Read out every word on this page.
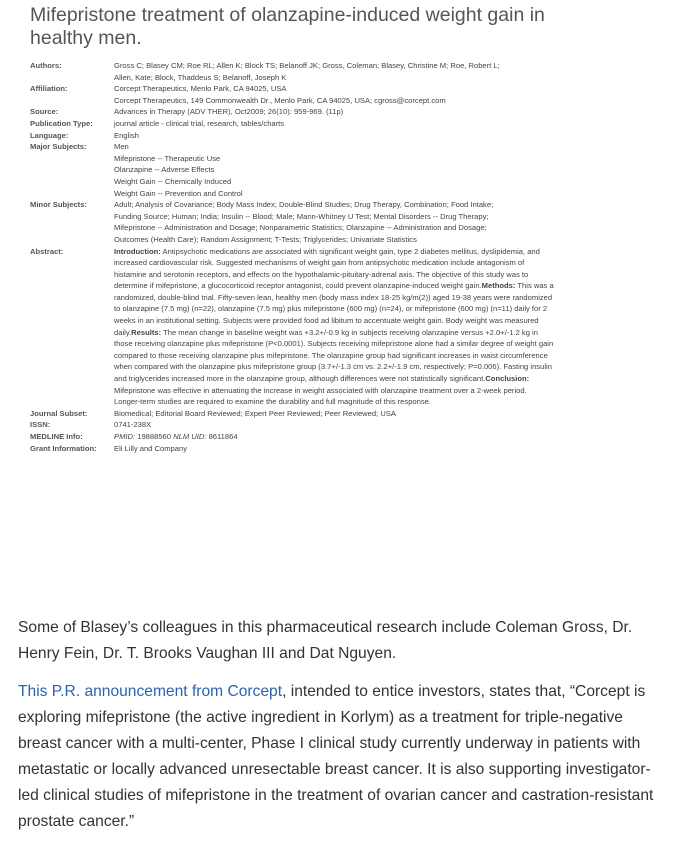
Mifepristone treatment of olanzapine-induced weight gain in healthy men.
Authors:	Gross C; Blasey CM; Roe RL; Allen K; Block TS; Belanoff JK; Gross, Coleman; Blasey, Christine M; Roe, Robert L;
Allen, Kate; Block, Thaddeus S; Belanoff, Joseph K

Affiliation:	Corcept Therapeutics, Menlo Park, CA 94025, USA
Corcept Therapeutics, 149 Commonwealth Dr., Menlo Park, CA 94025, USA; cgross@corcept.com

Source:	Advances in Therapy (ADV THER), Oct2009; 26(10): 959-969. (11p)
Publication Type:	journal article - clinical trial, research, tables/charts
Language:	English
Major Subjects:	Men
Mifepristone -- Therapeutic Use
Olanzapine -- Adverse Effects
Weight Gain -- Chemically Induced
Weight Gain -- Prevention and Control

Minor Subjects:	Adult; Analysis of Covariance; Body Mass Index; Double-Blind Studies; Drug Therapy, Combination; Food Intake;
Funding Source; Human; India; Insulin -- Blood; Male; Mann-Whitney U Test; Mental Disorders -- Drug Therapy;
Mifepristone -- Administration and Dosage; Nonparametric Statistics; Olanzapine -- Administration and Dosage;
Outcomes (Health Care); Random Assignment; T-Tests; Triglycerides; Univariate Statistics

Abstract:	Introduction: Antipsychotic medications are associated with significant weight gain, type 2 diabetes mellitus, dyslipidemia, and increased cardiovascular risk. Suggested mechanisms of weight gain from antipsychotic medication include antagonism of histamine and serotonin receptors, and effects on the hypothalamic-pituitary-adrenal axis. The objective of this study was to determine if mifepristone, a glucocorticoid receptor antagonist, could prevent olanzapine-induced weight gain.Methods: This was a randomized, double-blind trial. Fifty-seven lean, healthy men (body mass index 18-25 kg/m(2)) aged 19-38 years were randomized to olanzapine (7.5 mg) (n=22), olanzapine (7.5 mg) plus mifepristone (600 mg) (n=24), or mifepristone (600 mg) (n=11) daily for 2 weeks in an institutional setting. Subjects were provided food ad libitum to accentuate weight gain. Body weight was measured daily.Results: The mean change in baseline weight was +3.2+/-0.9 kg in subjects receiving olanzapine versus +2.0+/-1.2 kg in those receiving olanzapine plus mifepristone (P<0.0001). Subjects receiving mifepristone alone had a similar degree of weight gain compared to those receiving olanzapine plus mifepristone. The olanzapine group had significant increases in waist circumference when compared with the olanzapine plus mifepristone group (3.7+/-1.3 cm vs. 2.2+/-1.9 cm, respectively; P=0.006). Fasting insulin and triglycerides increased more in the olanzapine group, although differences were not statistically significant.Conclusion: Mifepristone was effective in attenuating the increase in weight associated with olanzapine treatment over a 2-week period. Longer-term studies are required to examine the durability and full magnitude of this response.
Journal Subset:	Biomedical; Editorial Board Reviewed; Expert Peer Reviewed; Peer Reviewed; USA
ISSN:	0741-238X
MEDLINE Info:	PMID: 19888560 NLM UID: 8611864
Grant Information:	Eli Lilly and Company

Some of Blasey’s colleagues in this pharmaceutical research include Coleman Gross, Dr. Henry Fein, Dr. T. Brooks Vaughan III and Dat Nguyen.

This P.R. announcement from Corcept, intended to entice investors, states that, “Corcept is exploring mifepristone (the active ingredient in Korlym) as a treatment for triple-negative breast cancer with a multi-center, Phase I clinical study currently underway in patients with metastatic or locally advanced unresectable breast cancer. It is also supporting investigator-led clinical studies of mifepristone in the treatment of ovarian cancer and castration-resistant prostate cancer.”
